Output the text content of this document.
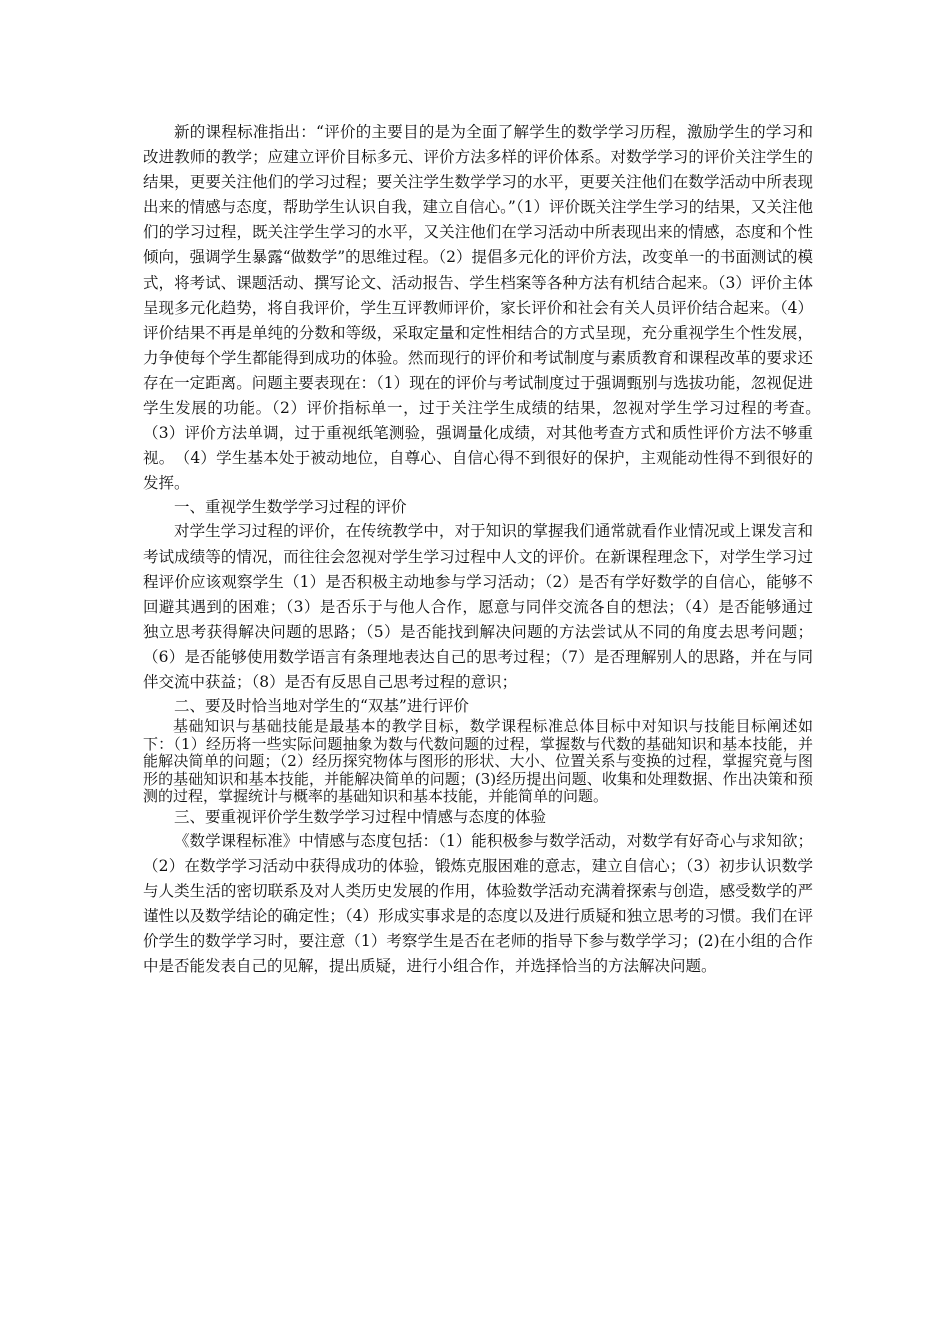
新的课程标准指出：“评价的主要目的是为全面了解学生的数学学习历程，激励学生的学习和改进教师的教学；应建立评价目标多元、评价方法多样的评价体系。对数学学习的评价关注学生的结果，更要关注他们的学习过程；要关注学生数学学习的水平，更要关注他们在数学活动中所表现出来的情感与态度，帮助学生认识自我，建立自信心。”（1）评价既关注学生学习的结果，又关注他们的学习过程，既关注学生学习的水平，又关注他们在学习活动中所表现出来的情感，态度和个性倾向，强调学生暴露“做数学”的思维过程。（2）提倡多元化的评价方法，改变单一的书面测试的模式，将考试、课题活动、撰写论文、活动报告、学生档案等各种方法有机结合起来。（3）评价主体呈现多元化趋势，将自我评价，学生互评教师评价，家长评价和社会有关人员评价结合起来。（4）评价结果不再是单纯的分数和等级，采取定量和定性相结合的方式呈现，充分重视学生个性发展，力争使每个学生都能得到成功的体验。然而现行的评价和考试制度与素质教育和课程改革的要求还存在一定距离。问题主要表现在：（1）现在的评价与考试制度过于强调甄别与选拔功能，忽视促进学生发展的功能。（2）评价指标单一，过于关注学生成绩的结果，忽视对学生学习过程的考查。　（3）评价方法单调，过于重视纸笔测验，强调量化成绩，对其他考查方式和质性评价方法不够重视。　（4）学生基本处于被动地位，自尊心、自信心得不到很好的保护，主观能动性得不到很好的发挥。

一、重视学生数学学习过程的评价

对学生学习过程的评价，在传统教学中，对于知识的掌握我们通常就看作业情况或上课发言和考试成绩等的情况，而往往会忽视对学生学习过程中人文的评价。在新课程理念下，对学生学习过程评价应该观察学生（1）是否积极主动地参与学习活动；（2）是否有学好数学的自信心，能够不回避其遇到的困难；（3）是否乐于与他人合作，愿意与同伴交流各自的想法；（4）是否能够通过独立思考获得解决问题的思路；（5）是否能找到解决问题的方法尝试从不同的角度去思考问题；（6）是否能够使用数学语言有条理地表达自己的思考过程；（7）是否理解别人的思路，并在与同伴交流中获益；（8）是否有反思自己思考过程的意识；

二、要及时恰当地对学生的“双基”进行评价

基础知识与基础技能是最基本的教学目标，数学课程标准总体目标中对知识与技能目标阐述如下：（1）经历将一些实际问题抽象为数与代数问题的过程，掌握数与代数的基础知识和基本技能，并能解决简单的问题；（2）经历探究物体与图形的形状、大小、位置关系与变换的过程，掌握究竟与图形的基础知识和基本技能，并能解决简单的问题；(3)经历提出问题、收集和处理数据、作出决策和预测的过程，掌握统计与概率的基础知识和基本技能，并能简单的问题。

三、要重视评价学生数学学习过程中情感与态度的体验

《数学课程标准》中情感与态度包括：（1）能积极参与数学活动，对数学有好奇心与求知欲；（2）在数学学习活动中获得成功的体验，锻炼克服困难的意志，建立自信心；（3）初步认识数学与人类生活的密切联系及对人类历史发展的作用，体验数学活动充满着探索与创造，感受数学的严谨性以及数学结论的确定性；（4）形成实事求是的态度以及进行质疑和独立思考的习惯。我们在评价学生的数学学习时，要注意（1）考察学生是否在老师的指导下参与数学学习；(2)在小组的合作中是否能发表自己的见解，提出质疑，进行小组合作，并选择恰当的方法解决问题。
